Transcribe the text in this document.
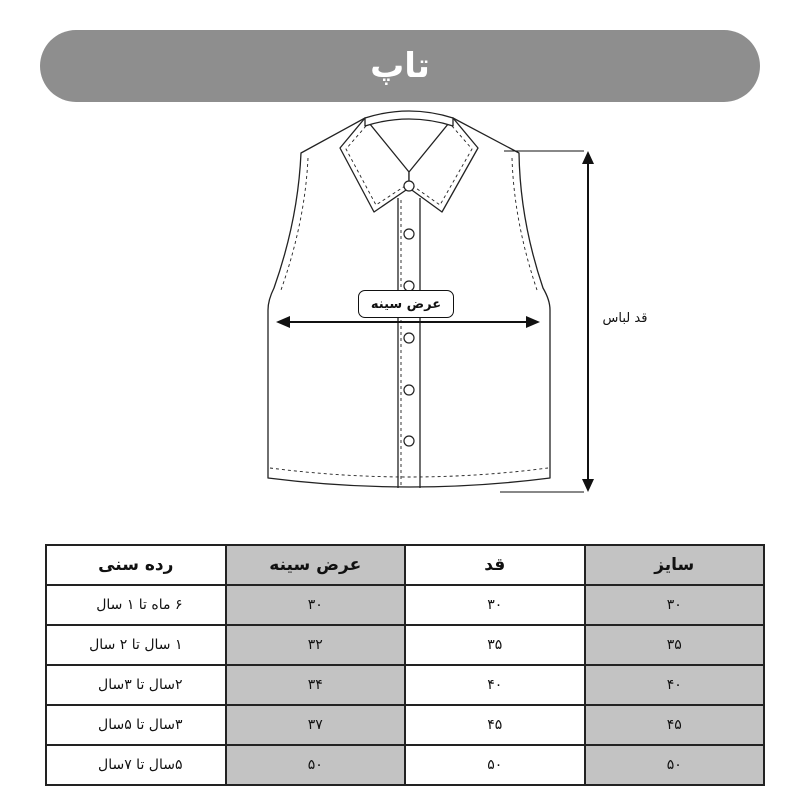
تاپ
عرض سینه
قد لباس
سایز	قد	عرض سینه	رده سنی
۳۰	۳۰	۳۰	۶ ماه تا ۱ سال
۳۵	۳۵	۳۲	۱ سال تا ۲ سال
۴۰	۴۰	۳۴	۲سال تا ۳سال
۴۵	۴۵	۳۷	۳سال تا ۵سال
۵۰	۵۰	۵۰	۵سال تا ۷سال
